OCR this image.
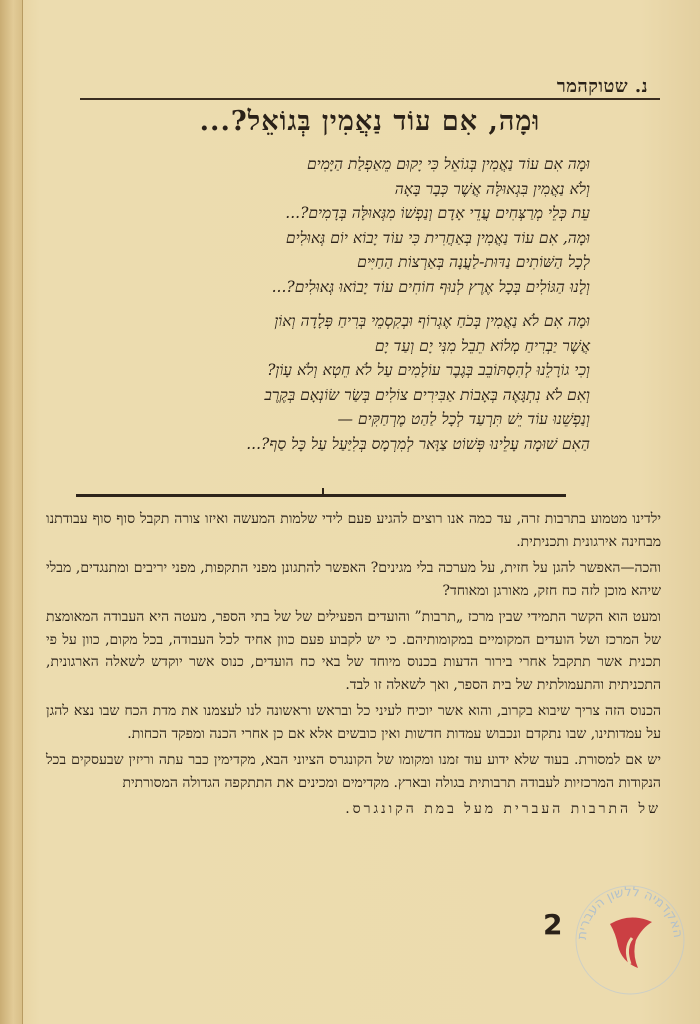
נ. שטוקהמר
וּמָה, אִם עוֹד נַאֲמִין בְּגוֹאֵל?...
וּמָה אִם עוֹד נַאֲמִין בְּגוֹאֵל כִּי יָקוּם מֵאַפְלַת הַיָּמִים
וְלֹא נַאֲמִין בִּגְאוּלָּה אֲשֶׁר כְּבָר בָּאָה
עֵת כְּלֵי מְרַצְּחִים עֲדֵי אָדָם וְנַפְשׁוֹ מִגְּאוּלָּה בְּדָמִים?...
וּמָה, אִם עוֹד נַאֲמִין בְּאַחֲרִית כִּי עוֹד יָבוֹא יוֹם גְּאוּלִים
לְכָל הַשּׁוֹתִים נַדּוּת-לַעֲנָה בְּאַרְצוֹת הַחַיִּים
וְלָנוּ הַגּוֹלִים בְּכָל אֶרֶץ לְנוּף חוֹחִים עוֹד יָבוֹאוּ גְּאוּלִים?...
וּמָה אִם לֹא נַאֲמִין בְּכֹחַ אֶגְרוֹף וּבְקִסְמֵי בְּרִיחַ פְּלָדָה וְאוֹן
אֲשֶׁר יַבְרִיחַ מְלוֹא תֵבֵל מִנִּי יָם וְעַד יָם
וְכִי גוֹרָלֵנוּ לְהִסְתּוֹבֵב בְּגֶבֶר עוֹלָמִים עַל לֹא חֵטְא וְלֹא עָוֹן?
וְאִם לֹא נִתְגָּאֶה בְּאָבוֹת אַבִּירִים צוֹלִים בְּשַׂר שׂוֹנְאָם בְּקֶרֶב
וְנַפְשֵׁנוּ עוֹד יֵשׁ תִּרְעַד לְכָל לַהַט מֶרְחַקִּים —
הַאִם שׁוּמָה עָלֵינוּ פְּשׁוֹט צַוָּאר לְמִרְמָס בְּלִיַּעַל עַל כָּל סַף?...

ילדינו מטמוע בתרבות זרה, עד כמה אנו רוצים להגיע פעם לידי שלמות המעשה ואיזו צורה תקבל סוף סוף עבודתנו מבחינה אירגונית ותכניתית.

והכה—האפשר להגן על חזית, על מערכה בלי מגינים? האפשר להתגונן מפני התקפות, מפני יריבים ומתנגדים, מבלי שיהא מוכן לזה כח חזק, מאורגן ומאוחד?

ומעט הוא הקשר התמידי שבין מרכז „תרבות” והועדים הפעילים של של בתי הספר, מעטה היא העבודה המאומצת של המרכז ושל הועדים המקומיים במקומותיהם. כי יש לקבוע פעם כוון אחיד לכל העבודה, בכל מקום, כוון על פי תכנית אשר תתקבל אחרי בירור הדעות בכנוס מיוחד של באי כח הועדים, כנוס אשר יוקדש לשאלה הארגונית, התכניתית והתעמולתית של בית הספר, ואך לשאלה זו לבד.

הכנוס הזה צריך שיבוא בקרוב, והוא אשר יוכיח לעיני כל ובראש וראשונה לנו לעצמנו את מדת הכח שבו נצא להגן על עמדותינו, שבו נתקדם ונכבוש עמדות חדשות ואין כובשים אלא אם כן אחרי הכנה ומפקד הכחות.

יש אם למסורת. בעוד שלא ידוע עוד זמנו ומקומו של הקונגרס הציוני הבא, מקדימין כבר עתה וריזין שבעסקים בכל הנקודות המרכזיות לעבודה תרבותית בגולה ובארץ. מקדימים ומכינים את התתקפה הגדולה המסורתית

של התרבות העברית מעל במת הקונגרס.

2 האקדמיה ללשון העברית
